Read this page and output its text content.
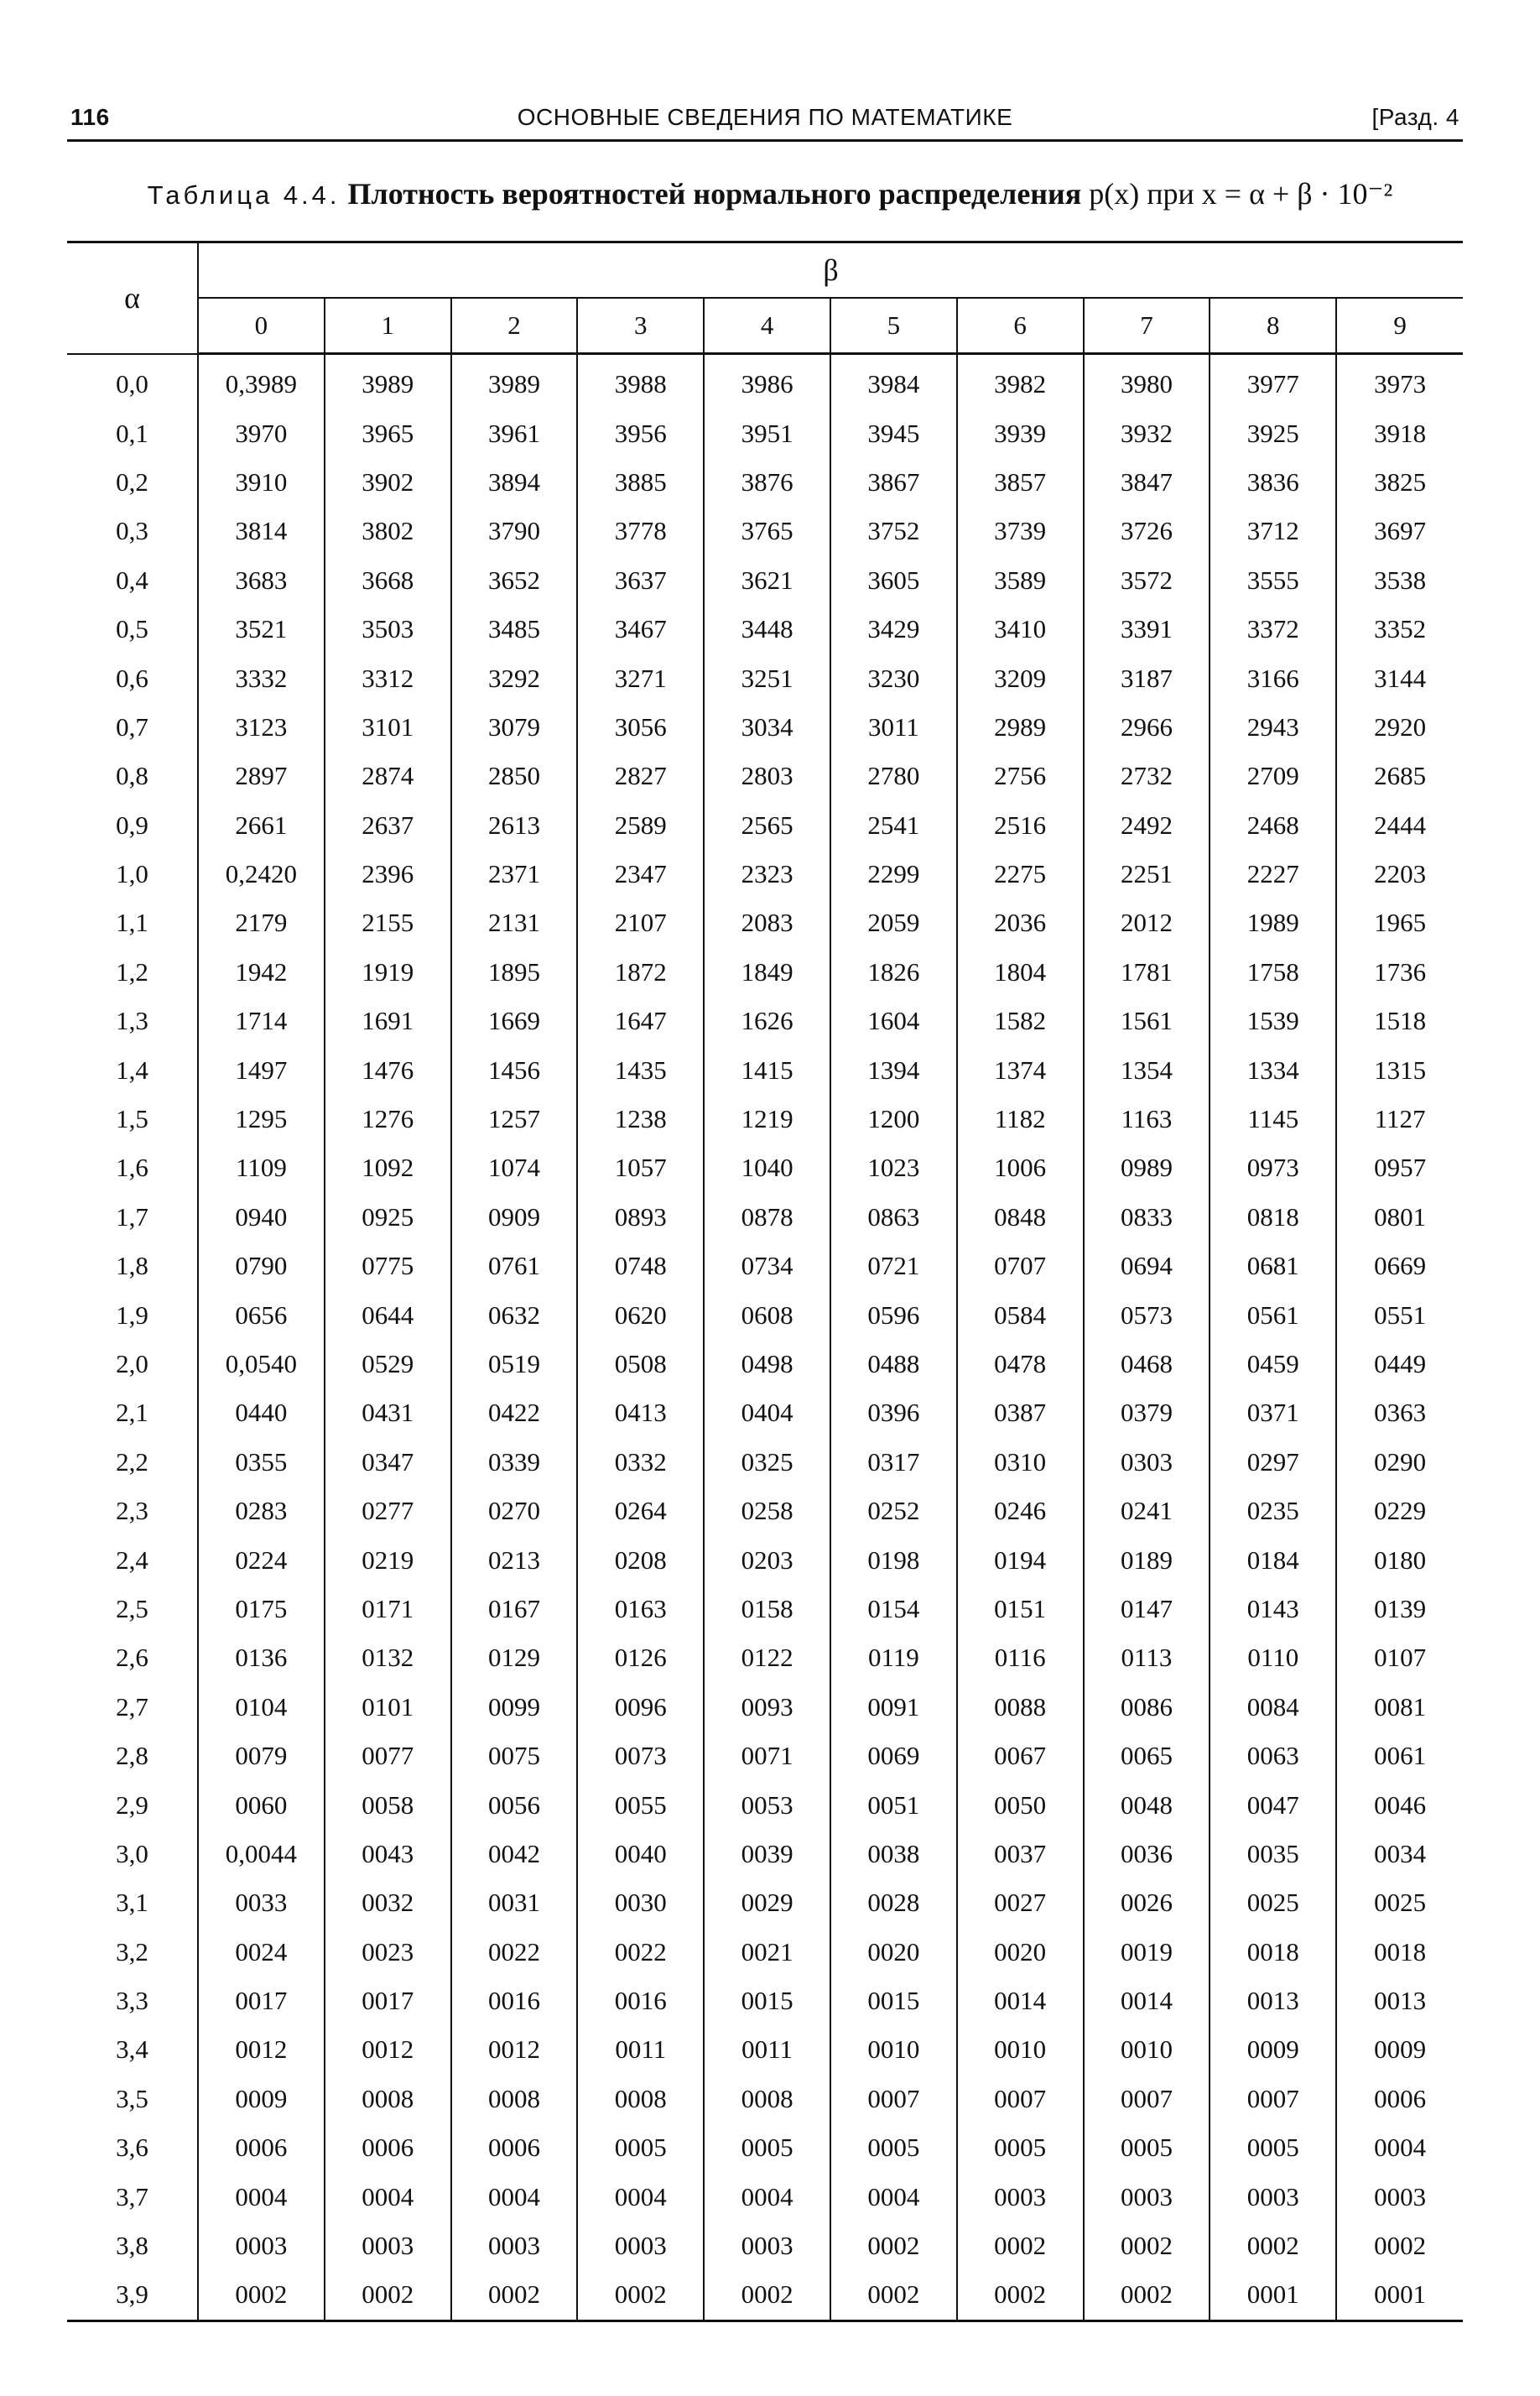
116	ОСНОВНЫЕ СВЕДЕНИЯ ПО МАТЕМАТИКЕ	[Разд. 4
Таблица 4.4. Плотность вероятностей нормального распределения p(x) при x = α + β · 10⁻²
α	β									
	0	1	2	3	4	5	6	7	8	9
0,0	0,3989	3989	3989	3988	3986	3984	3982	3980	3977	3973
0,1	3970	3965	3961	3956	3951	3945	3939	3932	3925	3918
0,2	3910	3902	3894	3885	3876	3867	3857	3847	3836	3825
0,3	3814	3802	3790	3778	3765	3752	3739	3726	3712	3697
0,4	3683	3668	3652	3637	3621	3605	3589	3572	3555	3538
0,5	3521	3503	3485	3467	3448	3429	3410	3391	3372	3352
0,6	3332	3312	3292	3271	3251	3230	3209	3187	3166	3144
0,7	3123	3101	3079	3056	3034	3011	2989	2966	2943	2920
0,8	2897	2874	2850	2827	2803	2780	2756	2732	2709	2685
0,9	2661	2637	2613	2589	2565	2541	2516	2492	2468	2444
1,0	0,2420	2396	2371	2347	2323	2299	2275	2251	2227	2203
1,1	2179	2155	2131	2107	2083	2059	2036	2012	1989	1965
1,2	1942	1919	1895	1872	1849	1826	1804	1781	1758	1736
1,3	1714	1691	1669	1647	1626	1604	1582	1561	1539	1518
1,4	1497	1476	1456	1435	1415	1394	1374	1354	1334	1315
1,5	1295	1276	1257	1238	1219	1200	1182	1163	1145	1127
1,6	1109	1092	1074	1057	1040	1023	1006	0989	0973	0957
1,7	0940	0925	0909	0893	0878	0863	0848	0833	0818	0801
1,8	0790	0775	0761	0748	0734	0721	0707	0694	0681	0669
1,9	0656	0644	0632	0620	0608	0596	0584	0573	0561	0551
2,0	0,0540	0529	0519	0508	0498	0488	0478	0468	0459	0449
2,1	0440	0431	0422	0413	0404	0396	0387	0379	0371	0363
2,2	0355	0347	0339	0332	0325	0317	0310	0303	0297	0290
2,3	0283	0277	0270	0264	0258	0252	0246	0241	0235	0229
2,4	0224	0219	0213	0208	0203	0198	0194	0189	0184	0180
2,5	0175	0171	0167	0163	0158	0154	0151	0147	0143	0139
2,6	0136	0132	0129	0126	0122	0119	0116	0113	0110	0107
2,7	0104	0101	0099	0096	0093	0091	0088	0086	0084	0081
2,8	0079	0077	0075	0073	0071	0069	0067	0065	0063	0061
2,9	0060	0058	0056	0055	0053	0051	0050	0048	0047	0046
3,0	0,0044	0043	0042	0040	0039	0038	0037	0036	0035	0034
3,1	0033	0032	0031	0030	0029	0028	0027	0026	0025	0025
3,2	0024	0023	0022	0022	0021	0020	0020	0019	0018	0018
3,3	0017	0017	0016	0016	0015	0015	0014	0014	0013	0013
3,4	0012	0012	0012	0011	0011	0010	0010	0010	0009	0009
3,5	0009	0008	0008	0008	0008	0007	0007	0007	0007	0006
3,6	0006	0006	0006	0005	0005	0005	0005	0005	0005	0004
3,7	0004	0004	0004	0004	0004	0004	0003	0003	0003	0003
3,8	0003	0003	0003	0003	0003	0002	0002	0002	0002	0002
3,9	0002	0002	0002	0002	0002	0002	0002	0002	0001	0001
